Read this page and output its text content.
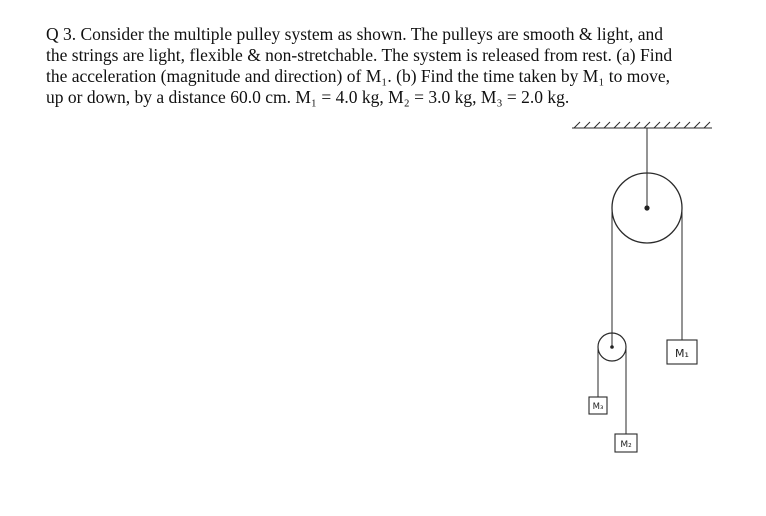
Q 3. Consider the multiple pulley system as shown. The pulleys are smooth & light, and
the strings are light, flexible & non-stretchable. The system is released from rest. (a) Find
the acceleration (magnitude and direction) of M₁. (b) Find the time taken by M₁ to move,
up or down, by a distance 60.0 cm. M₁ = 4.0 kg, M₂ = 3.0 kg, M₃ = 2.0 kg.
M₁
M₃
M₂
